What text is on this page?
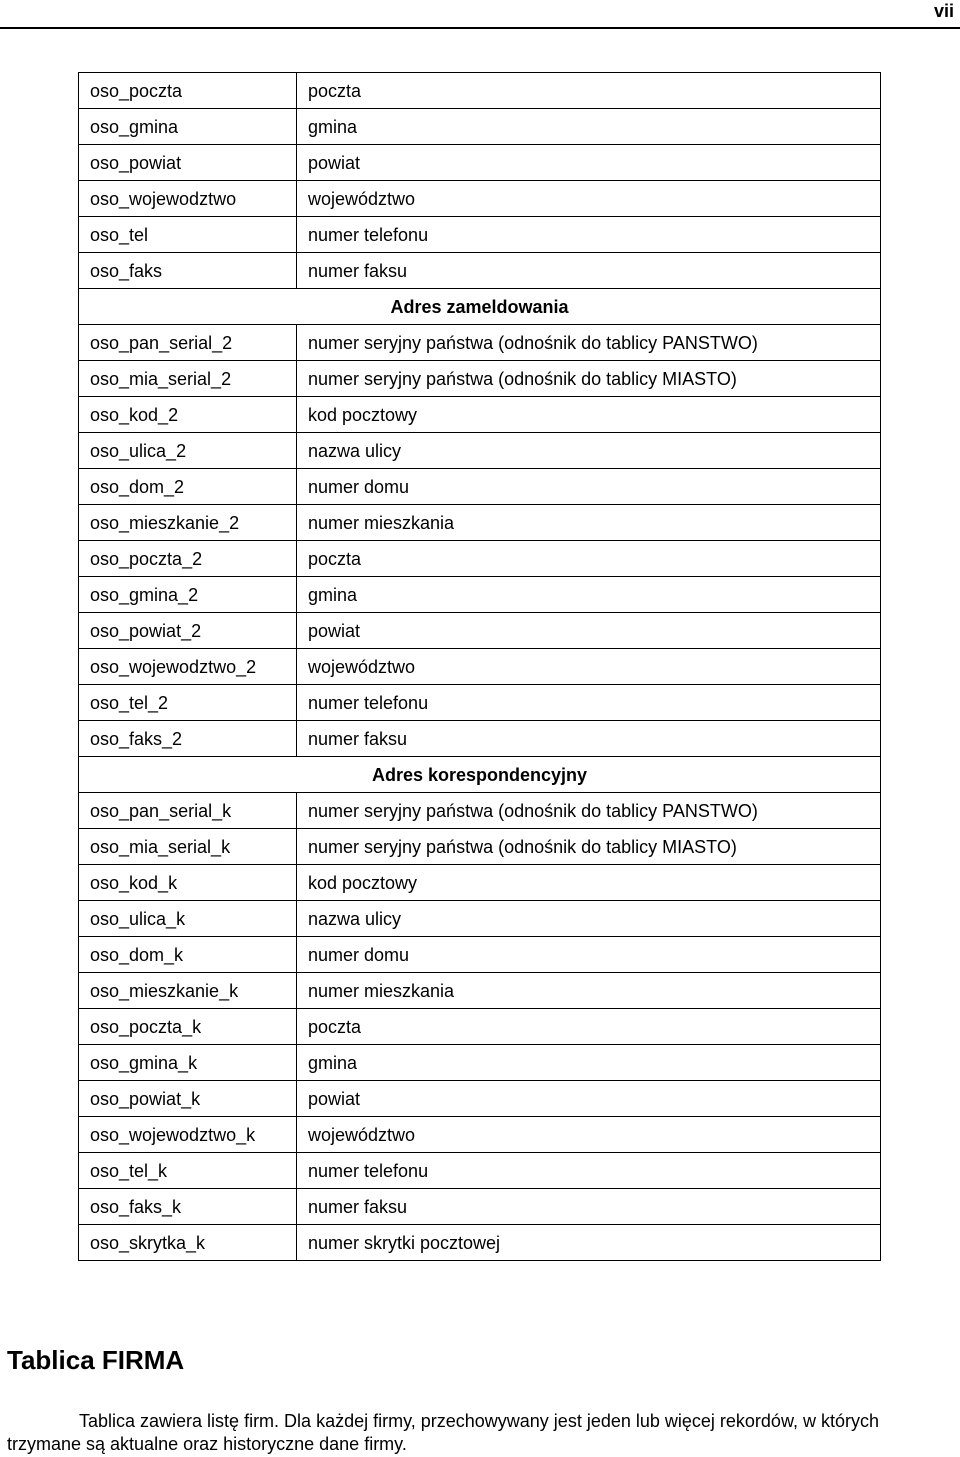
vii
oso_poczta	poczta
oso_gmina	gmina
oso_powiat	powiat
oso_wojewodztwo	województwo
oso_tel	numer telefonu
oso_faks	numer faksu
Adres zameldowania	
oso_pan_serial_2	numer seryjny państwa (odnośnik do tablicy PANSTWO)
oso_mia_serial_2	numer seryjny państwa (odnośnik do tablicy MIASTO)
oso_kod_2	kod pocztowy
oso_ulica_2	nazwa ulicy
oso_dom_2	numer domu
oso_mieszkanie_2	numer mieszkania
oso_poczta_2	poczta
oso_gmina_2	gmina
oso_powiat_2	powiat
oso_wojewodztwo_2	województwo
oso_tel_2	numer telefonu
oso_faks_2	numer faksu
Adres korespondencyjny	
oso_pan_serial_k	numer seryjny państwa (odnośnik do tablicy PANSTWO)
oso_mia_serial_k	numer seryjny państwa (odnośnik do tablicy MIASTO)
oso_kod_k	kod pocztowy
oso_ulica_k	nazwa ulicy
oso_dom_k	numer domu
oso_mieszkanie_k	numer mieszkania
oso_poczta_k	poczta
oso_gmina_k	gmina
oso_powiat_k	powiat
oso_wojewodztwo_k	województwo
oso_tel_k	numer telefonu
oso_faks_k	numer faksu
oso_skrytka_k	numer skrytki pocztowej
Tablica FIRMA

Tablica zawiera listę firm. Dla każdej firmy, przechowywany jest jeden lub więcej rekordów, w których trzymane są aktualne oraz historyczne dane firmy.
